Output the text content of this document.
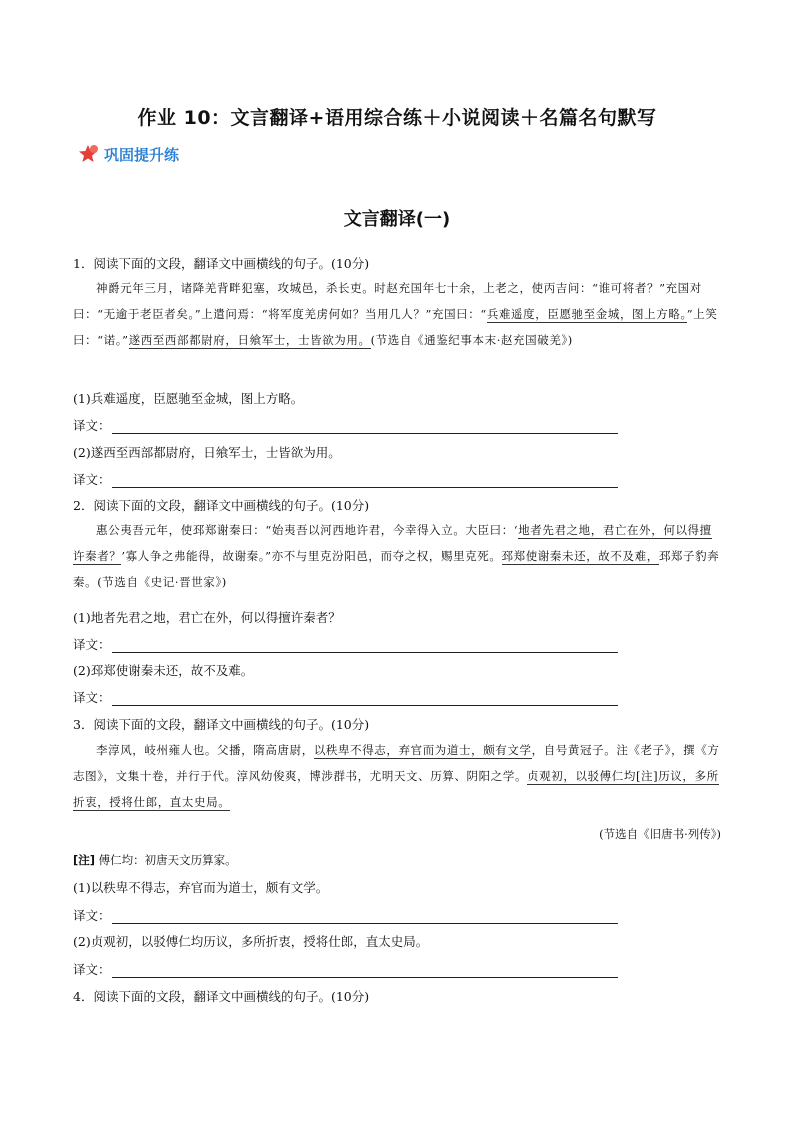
作业 10：文言翻译+语用综合练＋小说阅读＋名篇名句默写
巩固提升练
文言翻译(一)
1．阅读下面的文段，翻译文中画横线的句子。(10分)

神爵元年三月，诸降羌背畔犯塞，攻城邑，杀长吏。时赵充国年七十余，上老之，使丙吉问：“谁可将者？”充国对曰：“无逾于老臣者矣。”上遣问焉：“将军度羌虏何如？当用几人？”充国曰：“兵难遥度，臣愿驰至金城，图上方略。”上笑曰：“诺。”遂西至西部都尉府，日飨军士，士皆欲为用。(节选自《通鉴纪事本末·赵充国破羌》)

(1)兵难遥度，臣愿驰至金城，图上方略。
译文：
(2)遂西至西部都尉府，日飨军士，士皆欲为用。
译文：
2．阅读下面的文段，翻译文中画横线的句子。(10分)

惠公夷吾元年，使邳郑谢秦曰：“始夷吾以河西地许君，今幸得入立。大臣曰：‘地者先君之地，君亡在外，何以得擅许秦者？’寡人争之弗能得，故谢秦。”亦不与里克汾阳邑，而夺之权，赐里克死。邳郑使谢秦未还，故不及难，邳郑子豹奔秦。(节选自《史记·晋世家》)

(1)地者先君之地，君亡在外，何以得擅许秦者？
译文：
(2)邳郑使谢秦未还，故不及难。
译文：
3．阅读下面的文段，翻译文中画横线的句子。(10分)

李淳风，岐州雍人也。父播，隋高唐尉，以秩卑不得志，弃官而为道士，颇有文学，自号黄冠子。注《老子》，撰《方志图》，文集十卷，并行于代。淳风幼俊爽，博涉群书，尤明天文、历算、阴阳之学。贞观初，以驳傅仁均[注]历议，多所折衷，授将仕郎，直太史局。

(节选自《旧唐书·列传》)
[注] 傅仁均：初唐天文历算家。
(1)以秩卑不得志，弃官而为道士，颇有文学。
译文：
(2)贞观初，以驳傅仁均历议，多所折衷，授将仕郎，直太史局。
译文：
4．阅读下面的文段，翻译文中画横线的句子。(10分)
